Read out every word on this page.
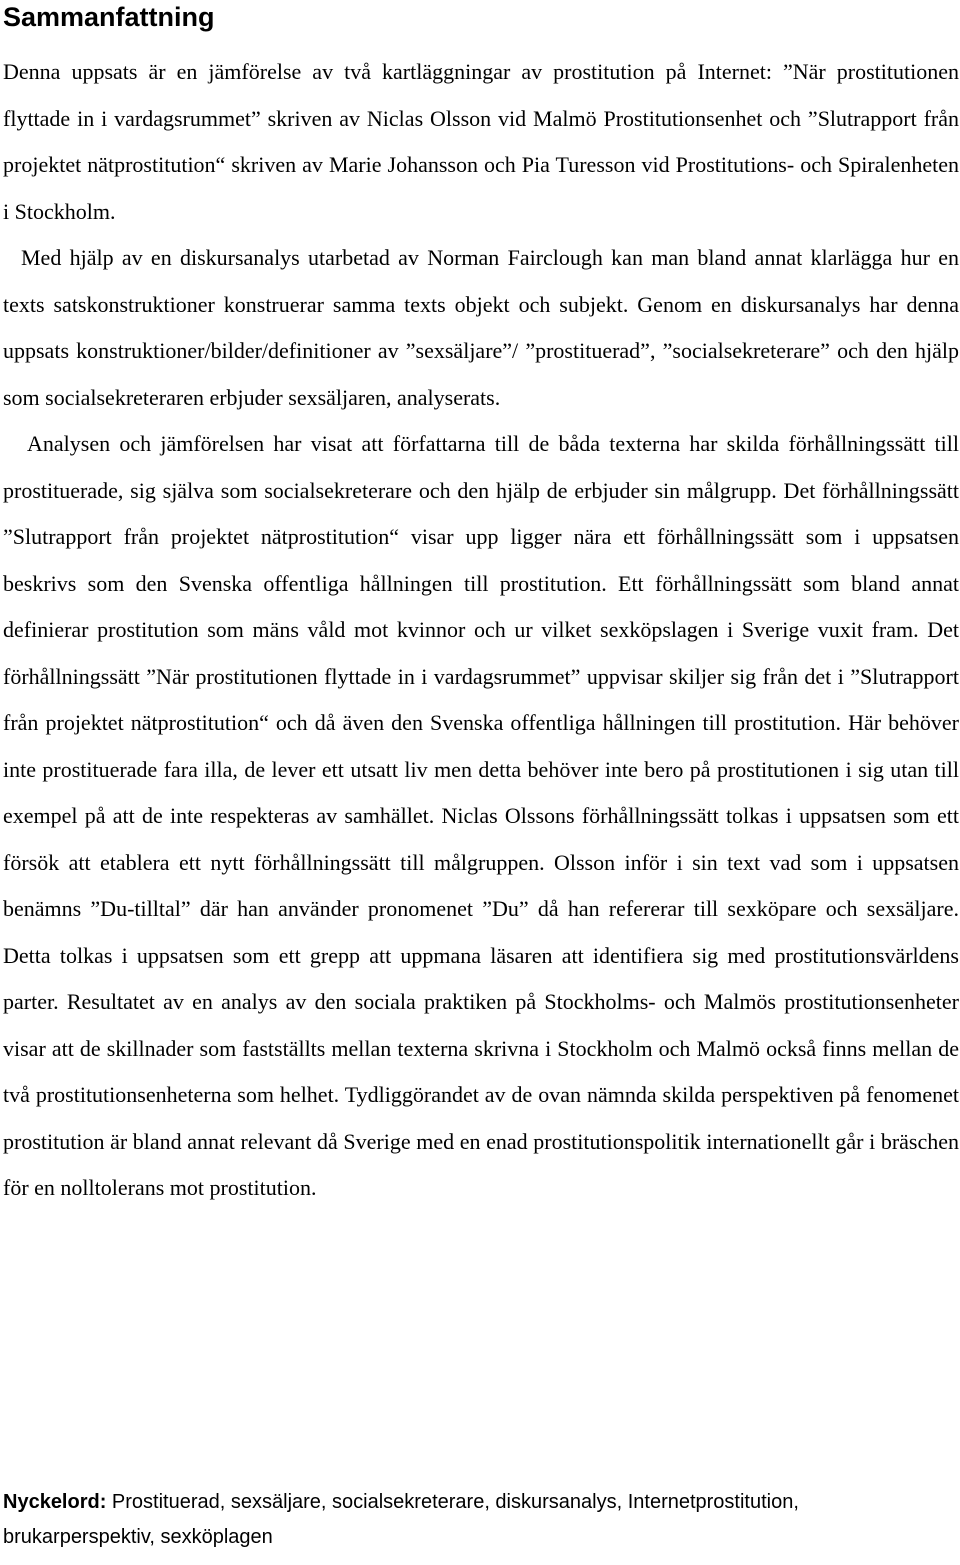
Sammanfattning

Denna uppsats är en jämförelse av två kartläggningar av prostitution på Internet: ”När prostitutionen flyttade in i vardagsrummet” skriven av Niclas Olsson vid Malmö Prostitutionsenhet och ”Slutrapport från projektet nätprostitution“ skriven av Marie Johansson och Pia Turesson vid Prostitutions- och Spiralenheten i Stockholm.

Med hjälp av en diskursanalys utarbetad av Norman Fairclough kan man bland annat klarlägga hur en texts satskonstruktioner konstruerar samma texts objekt och subjekt. Genom en diskursanalys har denna uppsats konstruktioner/bilder/definitioner av ”sexsäljare”/ ”prostituerad”, ”socialsekreterare” och den hjälp som socialsekreteraren erbjuder sexsäljaren, analyserats.

Analysen och jämförelsen har visat att författarna till de båda texterna har skilda förhållningssätt till prostituerade, sig själva som socialsekreterare och den hjälp de erbjuder sin målgrupp. Det förhållningssätt ”Slutrapport från projektet nätprostitution“ visar upp ligger nära ett förhållningssätt som i uppsatsen beskrivs som den Svenska offentliga hållningen till prostitution. Ett förhållningssätt som bland annat definierar prostitution som mäns våld mot kvinnor och ur vilket sexköpslagen i Sverige vuxit fram. Det förhållningssätt ”När prostitutionen flyttade in i vardagsrummet” uppvisar skiljer sig från det i ”Slutrapport från projektet nätprostitution“ och då även den Svenska offentliga hållningen till prostitution. Här behöver inte prostituerade fara illa, de lever ett utsatt liv men detta behöver inte bero på prostitutionen i sig utan till exempel på att de inte respekteras av samhället. Niclas Olssons förhållningssätt tolkas i uppsatsen som ett försök att etablera ett nytt förhållningssätt till målgruppen. Olsson inför i sin text vad som i uppsatsen benämns ”Du-tilltal” där han använder pronomenet ”Du” då han refererar till sexköpare och sexsäljare. Detta tolkas i uppsatsen som ett grepp att uppmana läsaren att identifiera sig med prostitutionsvärldens parter. Resultatet av en analys av den sociala praktiken på Stockholms- och Malmös prostitutionsenheter visar att de skillnader som fastställts mellan texterna skrivna i Stockholm och Malmö också finns mellan de två prostitutionsenheterna som helhet. Tydliggörandet av de ovan nämnda skilda perspektiven på fenomenet prostitution är bland annat relevant då Sverige med en enad prostitutionspolitik internationellt går i bräschen för en nolltolerans mot prostitution.

Nyckelord: Prostituerad, sexsäljare, socialsekreterare, diskursanalys, Internetprostitution, brukarperspektiv, sexköplagen
